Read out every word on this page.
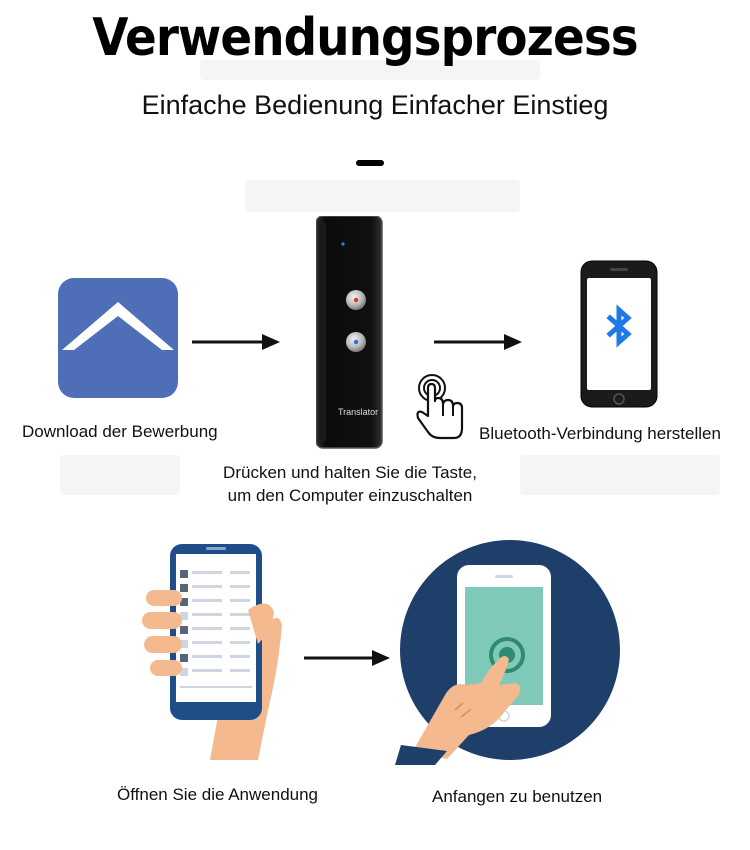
Verwendungsprozess
Einfache Bedienung Einfacher Einstieg
Download der Bewerbung
Translator
Drücken und halten Sie die Taste,
um den Computer einzuschalten
Bluetooth-Verbindung herstellen
Öffnen Sie die Anwendung	Anfangen zu benutzen
